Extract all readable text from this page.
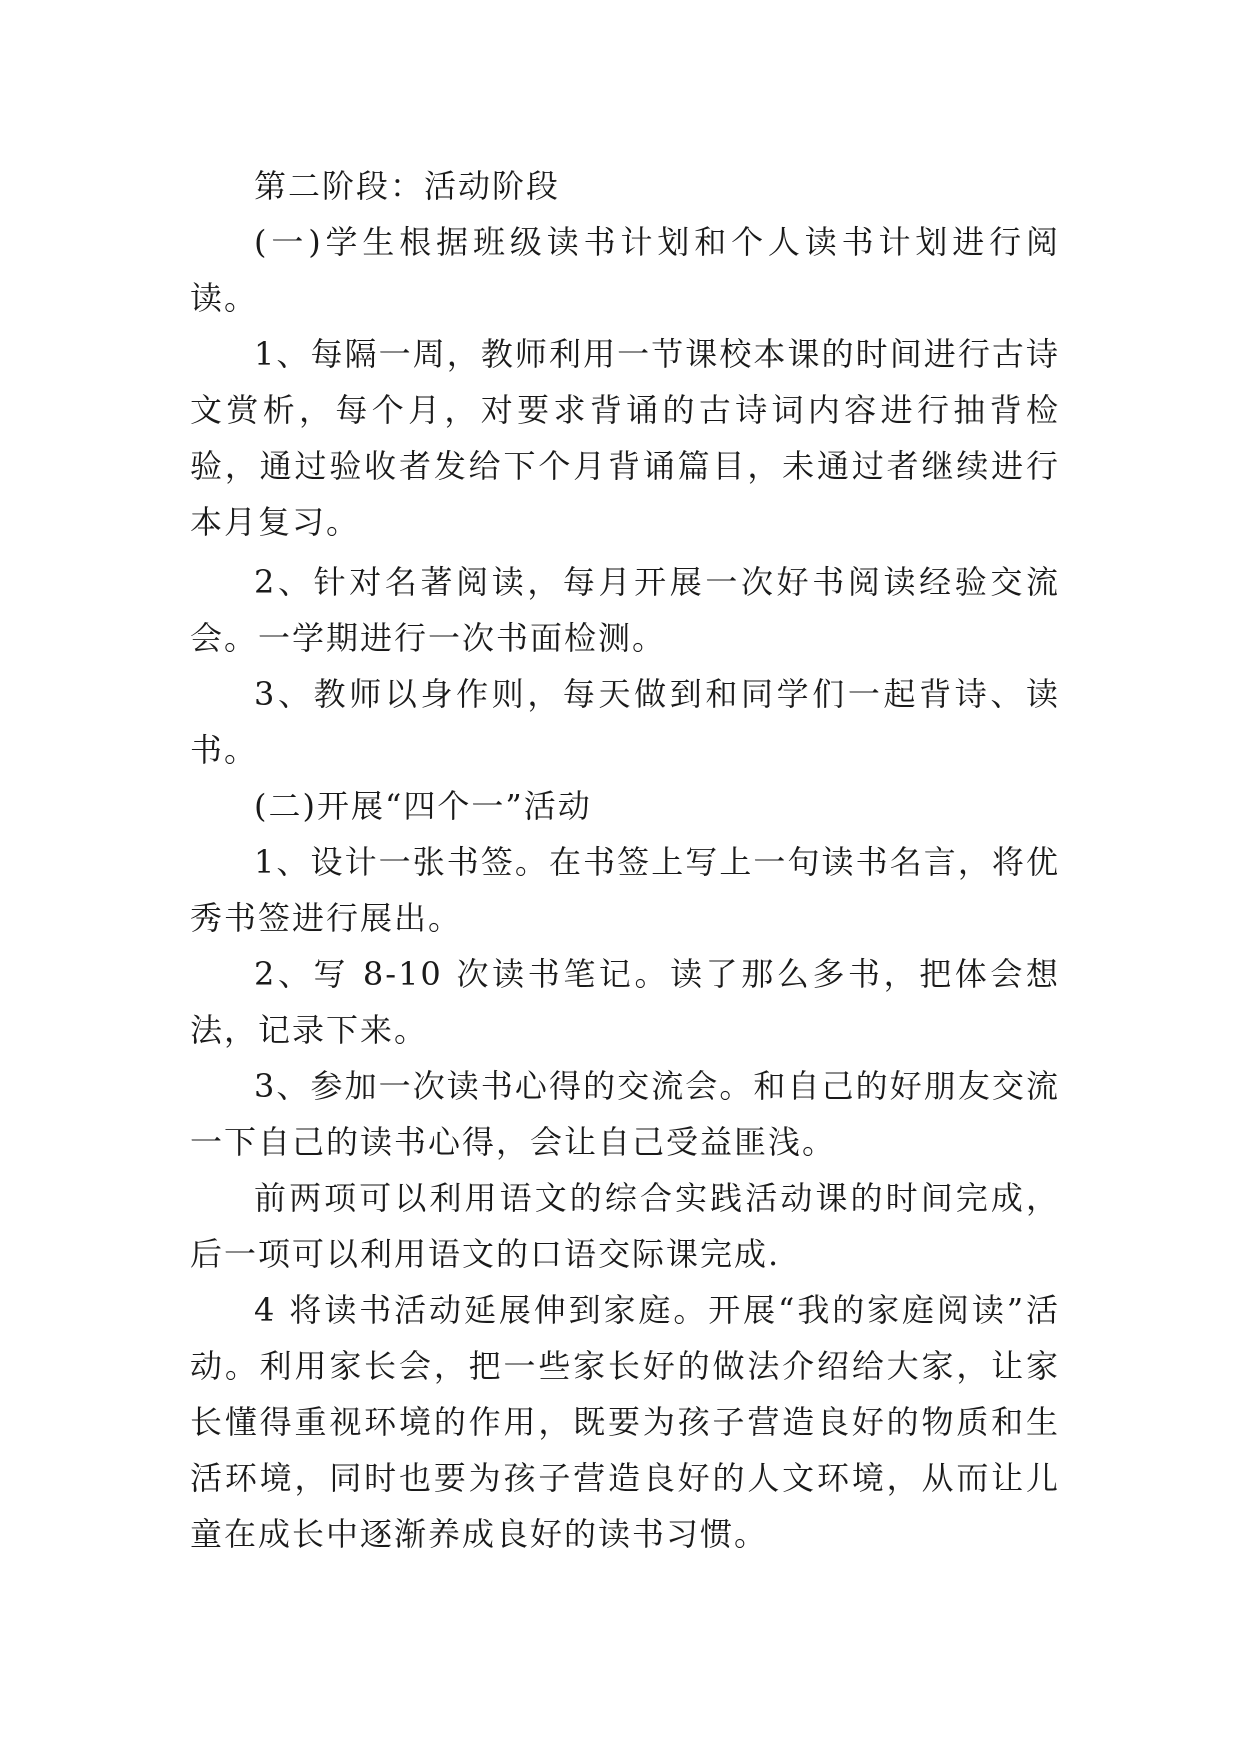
第二阶段：活动阶段

(一)学生根据班级读书计划和个人读书计划进行阅读。

1、每隔一周，教师利用一节课校本课的时间进行古诗文赏析，每个月，对要求背诵的古诗词内容进行抽背检验，通过验收者发给下个月背诵篇目，未通过者继续进行本月复习。

2、针对名著阅读，每月开展一次好书阅读经验交流会。一学期进行一次书面检测。

3、教师以身作则，每天做到和同学们一起背诗、读书。

(二)开展“四个一”活动

1、设计一张书签。在书签上写上一句读书名言，将优秀书签进行展出。

2、写 8-10 次读书笔记。读了那么多书，把体会想法，记录下来。

3、参加一次读书心得的交流会。和自己的好朋友交流一下自己的读书心得，会让自己受益匪浅。

前两项可以利用语文的综合实践活动课的时间完成，后一项可以利用语文的口语交际课完成.

4 将读书活动延展伸到家庭。开展“我的家庭阅读”活动。利用家长会，把一些家长好的做法介绍给大家，让家长懂得重视环境的作用，既要为孩子营造良好的物质和生活环境，同时也要为孩子营造良好的人文环境，从而让儿童在成长中逐渐养成良好的读书习惯。
